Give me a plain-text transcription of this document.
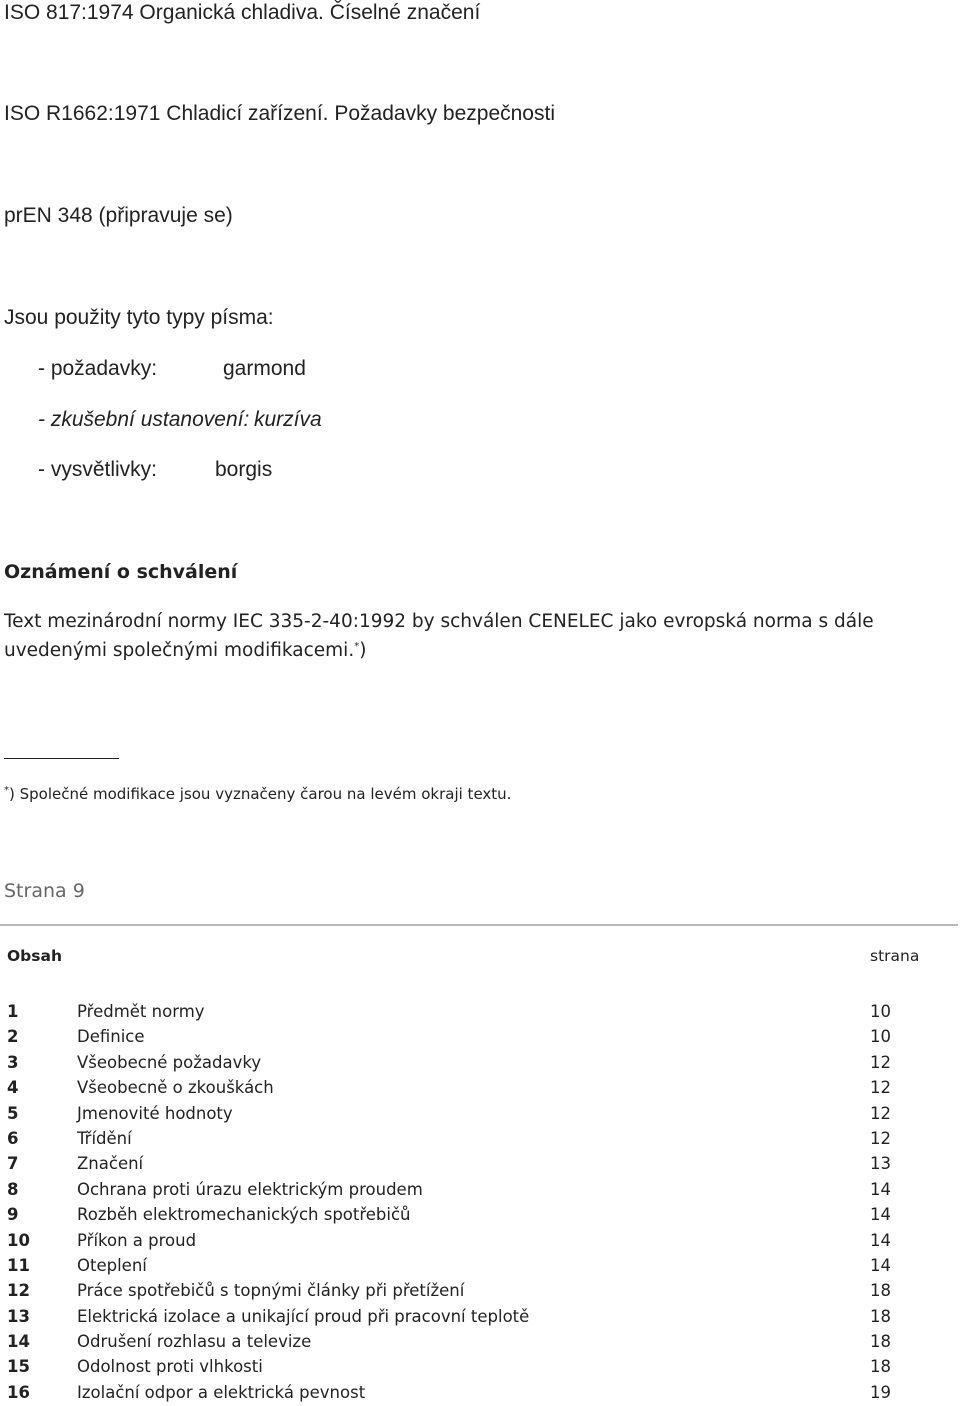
ISO 817:1974 Organická chladiva. Číselné značení
ISO R1662:1971 Chladicí zařízení. Požadavky bezpečnosti
prEN 348 (připravuje se)
Jsou použity tyto typy písma:
- požadavky:	garmond
- zkušební ustanovení: kurzíva
- vysvětlivky:	borgis
Oznámení o schválení
Text mezinárodní normy IEC 335-2-40:1992 by schválen CENELEC jako evropská norma s dále uvedenými společnými modifikacemi.*)
*) Společné modifikace jsou vyznačeny čarou na levém okraji textu.
Strana 9
Obsah	strana
1	Předmět normy	10
2	Definice	10
3	Všeobecné požadavky	12
4	Všeobecně o zkouškách	12
5	Jmenovité hodnoty	12
6	Třídění	12
7	Značení	13
8	Ochrana proti úrazu elektrickým proudem	14
9	Rozběh elektromechanických spotřebičů	14
10	Příkon a proud	14
11	Oteplení	14
12	Práce spotřebičů s topnými články při přetížení	18
13	Elektrická izolace a unikající proud při pracovní teplotě	18
14	Odrušení rozhlasu a televize	18
15	Odolnost proti vlhkosti	18
16	Izolační odpor a elektrická pevnost	19
